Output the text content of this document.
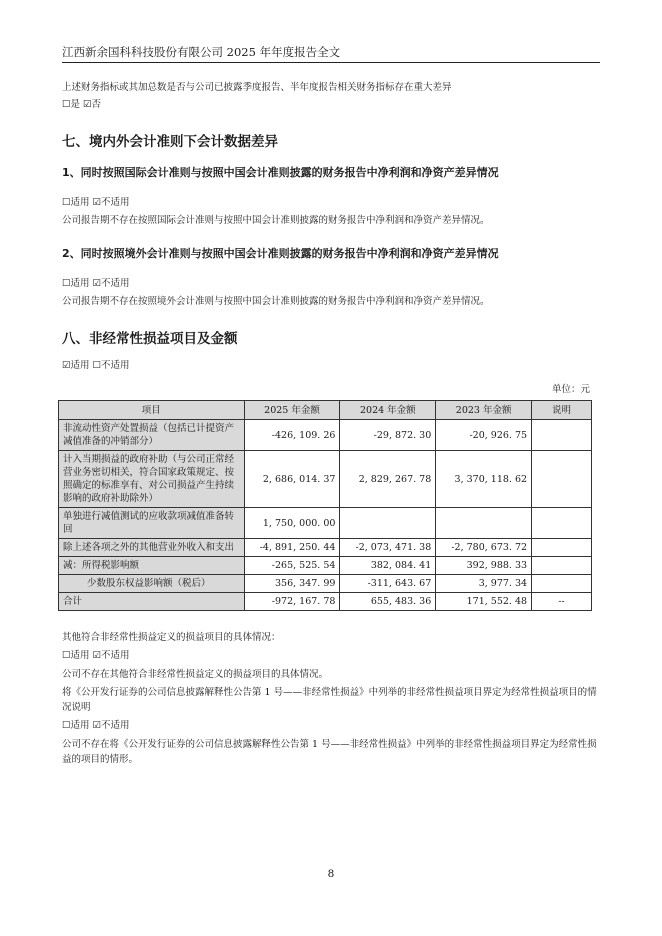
江西新余国科科技股份有限公司 2025 年年度报告全文
上述财务指标或其加总数是否与公司已披露季度报告、半年度报告相关财务指标存在重大差异
☐是 ☑否
七、境内外会计准则下会计数据差异
1、同时按照国际会计准则与按照中国会计准则披露的财务报告中净利润和净资产差异情况
☐适用 ☑不适用
公司报告期不存在按照国际会计准则与按照中国会计准则披露的财务报告中净利润和净资产差异情况。
2、同时按照境外会计准则与按照中国会计准则披露的财务报告中净利润和净资产差异情况
☐适用 ☑不适用
公司报告期不存在按照境外会计准则与按照中国会计准则披露的财务报告中净利润和净资产差异情况。
八、非经常性损益项目及金额
☑适用 ☐不适用
单位：元
项目	2025 年金额	2024 年金额	2023 年金额	说明
非流动性资产处置损益（包括已计提资产减值准备的冲销部分）	-426, 109. 26	-29, 872. 30	-20, 926. 75	
计入当期损益的政府补助（与公司正常经营业务密切相关，符合国家政策规定、按照确定的标准享有、对公司损益产生持续影响的政府补助除外）	2, 686, 014. 37	2, 829, 267. 78	3, 370, 118. 62	
单独进行减值测试的应收款项减值准备转回	1, 750, 000. 00			
除上述各项之外的其他营业外收入和支出	-4, 891, 250. 44	-2, 073, 471. 38	-2, 780, 673. 72	
减：所得税影响额	-265, 525. 54	382, 084. 41	392, 988. 33	
少数股东权益影响额（税后）	356, 347. 99	-311, 643. 67	3, 977. 34	
合计	-972, 167. 78	655, 483. 36	171, 552. 48	--
其他符合非经常性损益定义的损益项目的具体情况：
☐适用 ☑不适用
公司不存在其他符合非经常性损益定义的损益项目的具体情况。
将《公开发行证券的公司信息披露解释性公告第 1 号——非经常性损益》中列举的非经常性损益项目界定为经常性损益项目的情况说明
☐适用 ☑不适用
公司不存在将《公开发行证券的公司信息披露解释性公告第 1 号——非经常性损益》中列举的非经常性损益项目界定为经常性损益的项目的情形。
8
